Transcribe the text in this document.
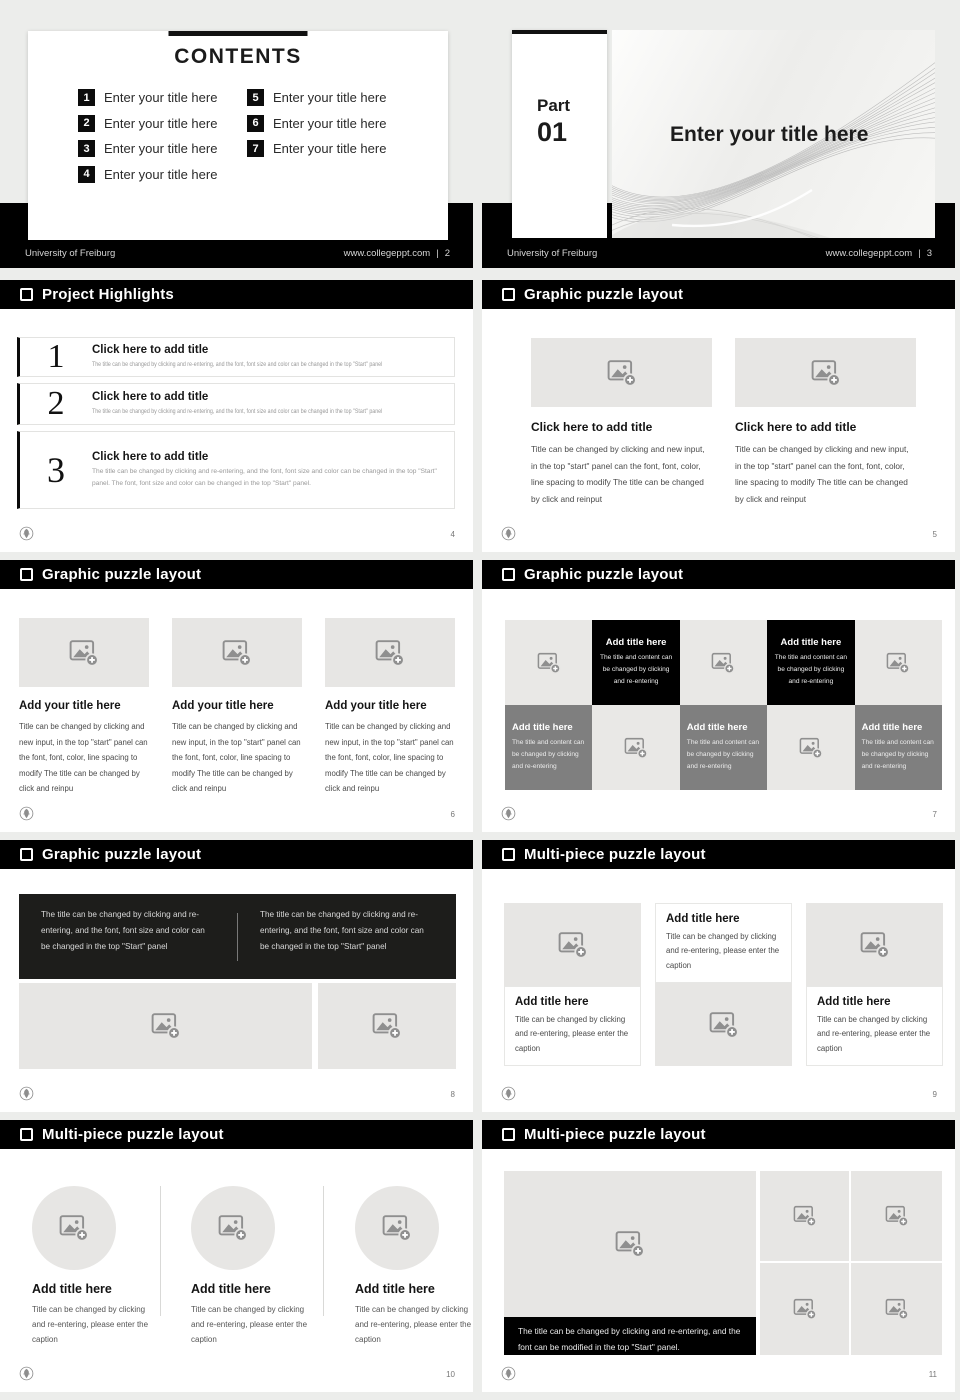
University of Freiburg	www.collegeppt.com | 2
CONTENTS
1	Enter your title here
2	Enter your title here
3	Enter your title here
4	Enter your title here
5	Enter your title here
6	Enter your title here
7	Enter your title here
University of Freiburg	www.collegeppt.com | 3
Part
01	Enter your title here
Project Highlights
1	Click here to add title
The title can be changed by clicking and re-entering, and the font, font size and color can be changed in the top "Start" panel
2	Click here to add title
The title can be changed by clicking and re-entering, and the font, font size and color can be changed in the top "Start" panel
3	Click here to add title
The title can be changed by clicking and re-entering, and the font, font size and color can be changed in the top "Start" panel. The font, font size and color can be changed in the top "Start" panel.
4
Graphic puzzle layout
Click here to add title
Title can be changed by clicking and new input, in the top "start" panel can the font, font, color, line spacing to modify The title can be changed by click and reinput
Click here to add title
Title can be changed by clicking and new input, in the top "start" panel can the font, font, color, line spacing to modify The title can be changed by click and reinput
5
Graphic puzzle layout
Add your title here
Title can be changed by clicking and new input, in the top "start" panel can the font, font, color, line spacing to modify The title can be changed by click and reinpu
Add your title here
Title can be changed by clicking and new input, in the top "start" panel can the font, font, color, line spacing to modify The title can be changed by click and reinpu
Add your title here
Title can be changed by clicking and new input, in the top "start" panel can the font, font, color, line spacing to modify The title can be changed by click and reinpu
6
Graphic puzzle layout
Add title here
The title and content can be changed by clicking and re-entering
Add title here
The title and content can be changed by clicking and re-entering
Add title here
The title and content can be changed by clicking and re-entering
Add title here
The title and content can be changed by clicking and re-entering
Add title here
The title and content can be changed by clicking and re-entering
7
Graphic puzzle layout
The title can be changed by clicking and re-entering, and the font, font size and color can be changed in the top "Start" panel
The title can be changed by clicking and re-entering, and the font, font size and color can be changed in the top "Start" panel
8
Multi-piece puzzle layout
Add title here
Title can be changed by clicking and re-entering, please enter the caption
Add title here
Title can be changed by clicking and re-entering, please enter the caption
Add title here
Title can be changed by clicking and re-entering, please enter the caption
9
Multi-piece puzzle layout
Add title here
Title can be changed by clicking and re-entering, please enter the caption
Add title here
Title can be changed by clicking and re-entering, please enter the caption
Add title here
Title can be changed by clicking and re-entering, please enter the caption
10
Multi-piece puzzle layout
The title can be changed by clicking and re-entering, and the font can be modified in the top "Start" panel.
11
